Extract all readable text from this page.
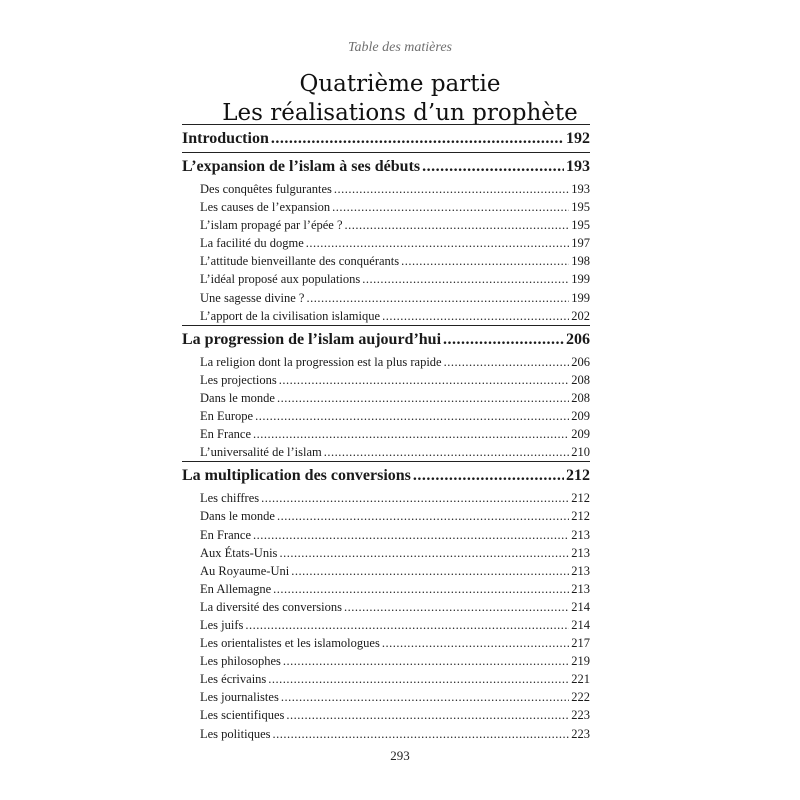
Table des matières
Quatrième partie
Les réalisations d’un prophète
Introduction .....	192
L’expansion de l’islam à ses débuts .....	193
Des conquêtes fulgurantes .....	193
Les causes de l’expansion .....	195
L’islam propagé par l’épée ? .....	195
La facilité du dogme .....	197
L’attitude bienveillante des conquérants .....	198
L’idéal proposé aux populations .....	199
Une sagesse divine ? .....	199
L’apport de la civilisation islamique .....	202
La progression de l’islam aujourd’hui .....	206
La religion dont la progression est la plus rapide .....	206
Les projections .....	208
Dans le monde .....	208
En Europe .....	209
En France .....	209
L’universalité de l’islam .....	210
La multiplication des conversions .....	212
Les chiffres .....	212
Dans le monde .....	212
En France .....	213
Aux États-Unis .....	213
Au Royaume-Uni .....	213
En Allemagne .....	213
La diversité des conversions .....	214
Les juifs .....	214
Les orientalistes et les islamologues .....	217
Les philosophes .....	219
Les écrivains .....	221
Les journalistes .....	222
Les scientifiques .....	223
Les politiques .....	223
293
